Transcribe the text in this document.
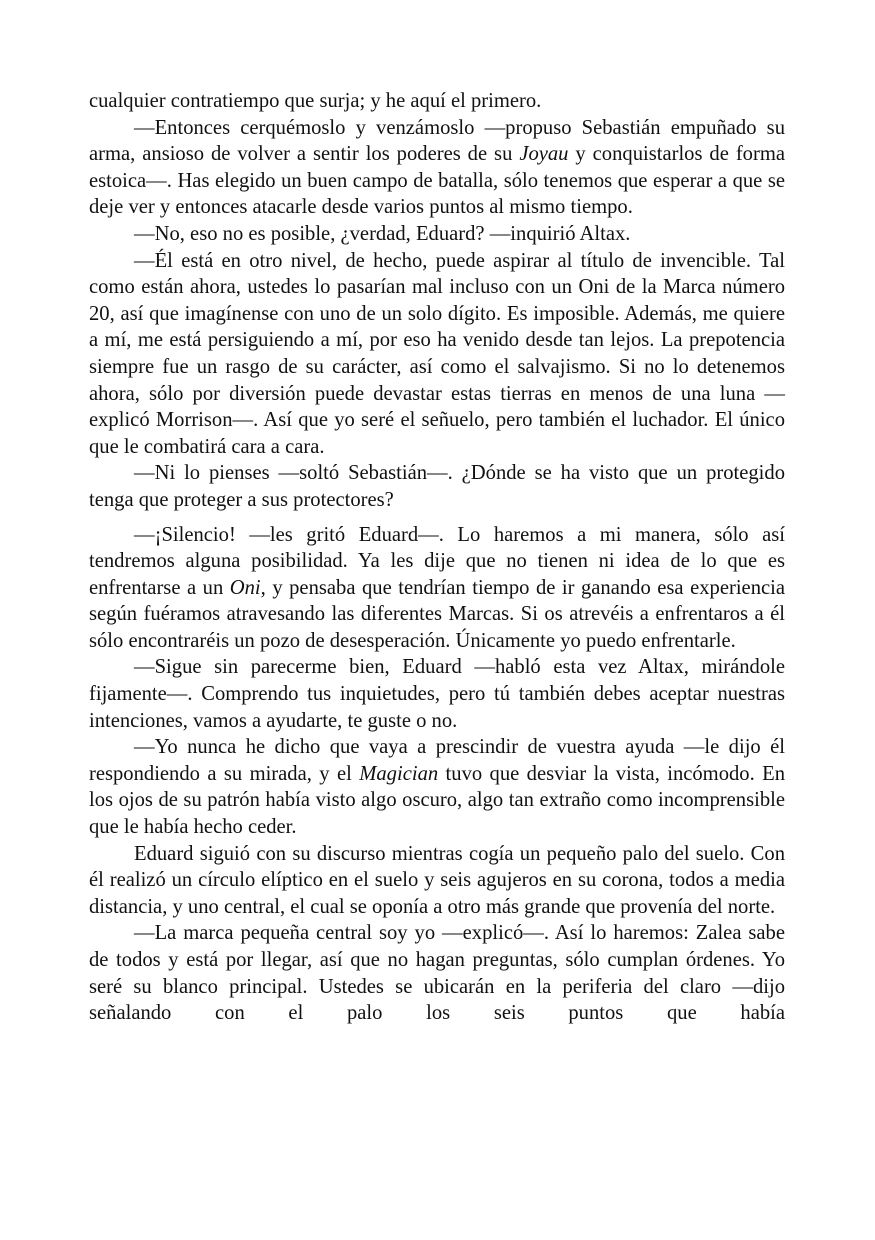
cualquier contratiempo que surja; y he aquí el primero.

—Entonces cerquémoslo y venzámoslo —propuso Sebastián empuñado su arma, ansioso de volver a sentir los poderes de su Joyau y conquistarlos de forma estoica—. Has elegido un buen campo de batalla, sólo tenemos que esperar a que se deje ver y entonces atacarle desde varios puntos al mismo tiempo.

—No, eso no es posible, ¿verdad, Eduard? —inquirió Altax.

—Él está en otro nivel, de hecho, puede aspirar al título de invencible. Tal como están ahora, ustedes lo pasarían mal incluso con un Oni de la Marca número 20, así que imagínense con uno de un solo dígito. Es imposible. Además, me quiere a mí, me está persiguiendo a mí, por eso ha venido desde tan lejos. La prepotencia siempre fue un rasgo de su carácter, así como el salvajismo. Si no lo detenemos ahora, sólo por diversión puede devastar estas tierras en menos de una luna —explicó Morrison—. Así que yo seré el señuelo, pero también el luchador. El único que le combatirá cara a cara.

—Ni lo pienses —soltó Sebastián—. ¿Dónde se ha visto que un protegido tenga que proteger a sus protectores?

—¡Silencio! —les gritó Eduard—. Lo haremos a mi manera, sólo así tendremos alguna posibilidad. Ya les dije que no tienen ni idea de lo que es enfrentarse a un Oni, y pensaba que tendrían tiempo de ir ganando esa experiencia según fuéramos atravesando las diferentes Marcas. Si os atrevéis a enfrentaros a él sólo encontraréis un pozo de desesperación. Únicamente yo puedo enfrentarle.

—Sigue sin parecerme bien, Eduard —habló esta vez Altax, mirándole fijamente—. Comprendo tus inquietudes, pero tú también debes aceptar nuestras intenciones, vamos a ayudarte, te guste o no.

—Yo nunca he dicho que vaya a prescindir de vuestra ayuda —le dijo él respondiendo a su mirada, y el Magician tuvo que desviar la vista, incómodo. En los ojos de su patrón había visto algo oscuro, algo tan extraño como incomprensible que le había hecho ceder.

Eduard siguió con su discurso mientras cogía un pequeño palo del suelo. Con él realizó un círculo elíptico en el suelo y seis agujeros en su corona, todos a media distancia, y uno central, el cual se oponía a otro más grande que provenía del norte.

—La marca pequeña central soy yo —explicó—. Así lo haremos: Zalea sabe de todos y está por llegar, así que no hagan preguntas, sólo cumplan órdenes. Yo seré su blanco principal. Ustedes se ubicarán en la periferia del claro —dijo señalando con el palo los seis puntos que había
